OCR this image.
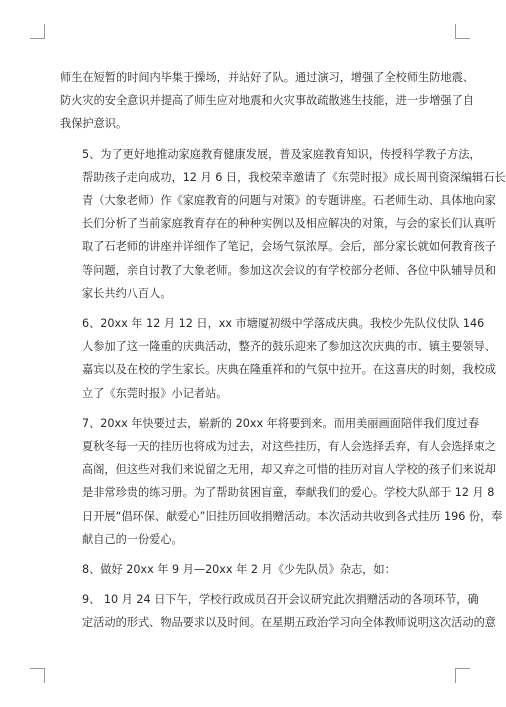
师生在短暂的时间内毕集于操场，并站好了队。通过演习，增强了全校师生防地震、
防火灾的安全意识并提高了师生应对地震和火灾事故疏散逃生技能，进一步增强了自
我保护意识。

5、为了更好地推动家庭教育健康发展，普及家庭教育知识，传授科学教子方法，
帮助孩子走向成功，12 月 6 日，我校荣幸邀请了《东莞时报》成长周刊资深编辑石长
青（大象老师）作《家庭教育的问题与对策》的专题讲座。石老师生动、具体地向家
长们分析了当前家庭教育存在的种种实例以及相应解决的对策，与会的家长们认真听
取了石老师的讲座并详细作了笔记，会场气氛浓厚。会后，部分家长就如何教育孩子
等问题，亲自讨教了大象老师。参加这次会议的有学校部分老师、各位中队辅导员和
家长共约八百人。

6、20xx 年 12 月 12 日，xx 市塘厦初级中学落成庆典。我校少先队仪仗队 146
人参加了这一隆重的庆典活动，整齐的鼓乐迎来了参加这次庆典的市、镇主要领导、
嘉宾以及在校的学生家长。庆典在隆重祥和的气氛中拉开。在这喜庆的时刻，我校成
立了《东莞时报》小记者站。

7、20xx 年快要过去，崭新的 20xx 年将要到来。而用美丽画面陪伴我们度过春
夏秋冬每一天的挂历也将成为过去，对这些挂历，有人会选择丢弃，有人会选择束之
高阁，但这些对我们来说留之无用，却又弃之可惜的挂历对盲人学校的孩子们来说却
是非常珍贵的练习册。为了帮助贫困盲童，奉献我们的爱心。学校大队部于 12 月 8
日开展“倡环保、献爱心”旧挂历回收捐赠活动。本次活动共收到各式挂历 196 份，奉
献自己的一份爱心。

8、做好 20xx 年 9 月—20xx 年 2 月《少先队员》杂志，如：

9、 10 月 24 日下午，学校行政成员召开会议研究此次捐赠活动的各项环节，确
定活动的形式、物品要求以及时间。在星期五政治学习向全体教师说明这次活动的意
